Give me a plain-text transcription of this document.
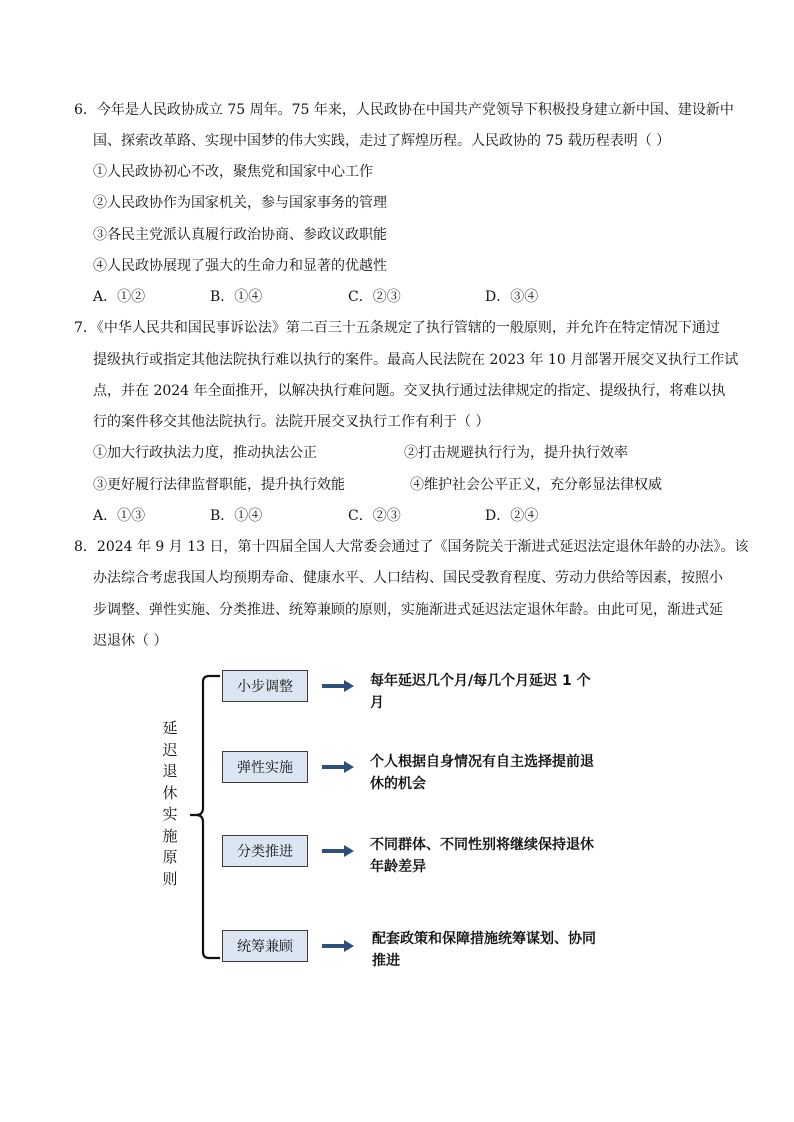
6．今年是人民政协成立 75 周年。75 年来，人民政协在中国共产党领导下积极投身建立新中国、建设新中
国、探索改革路、实现中国梦的伟大实践，走过了辉煌历程。人民政协的 75 载历程表明（ ）
①人民政协初心不改，聚焦党和国家中心工作
②人民政协作为国家机关，参与国家事务的管理
③各民主党派认真履行政治协商、参政议政职能
④人民政协展现了强大的生命力和显著的优越性
A．①②	B．①④	C．②③	D．③④
7．《中华人民共和国民事诉讼法》第二百三十五条规定了执行管辖的一般原则，并允许在特定情况下通过
提级执行或指定其他法院执行难以执行的案件。最高人民法院在 2023 年 10 月部署开展交叉执行工作试
点，并在 2024 年全面推开，以解决执行难问题。交叉执行通过法律规定的指定、提级执行，将难以执
行的案件移交其他法院执行。法院开展交叉执行工作有利于（ ）
①加大行政执法力度，推动执法公正	②打击规避执行行为，提升执行效率
③更好履行法律监督职能，提升执行效能	④维护社会公平正义，充分彰显法律权威
A．①③	B．①④	C．②③	D．②④
8．2024 年 9 月 13 日，第十四届全国人大常委会通过了《国务院关于渐进式延迟法定退休年龄的办法》。该
办法综合考虑我国人均预期寿命、健康水平、人口结构、国民受教育程度、劳动力供给等因素，按照小
步调整、弹性实施、分类推进、统筹兼顾的原则，实施渐进式延迟法定退休年龄。由此可见，渐进式延
迟退休（ ）
延迟退休实施原则
小步调整
弹性实施
分类推进
统筹兼顾
每年延迟几个月/每几个月延迟 1 个月
个人根据自身情况有自主选择提前退休的机会
不同群体、不同性别将继续保持退休年龄差异
配套政策和保障措施统筹谋划、协同推进
